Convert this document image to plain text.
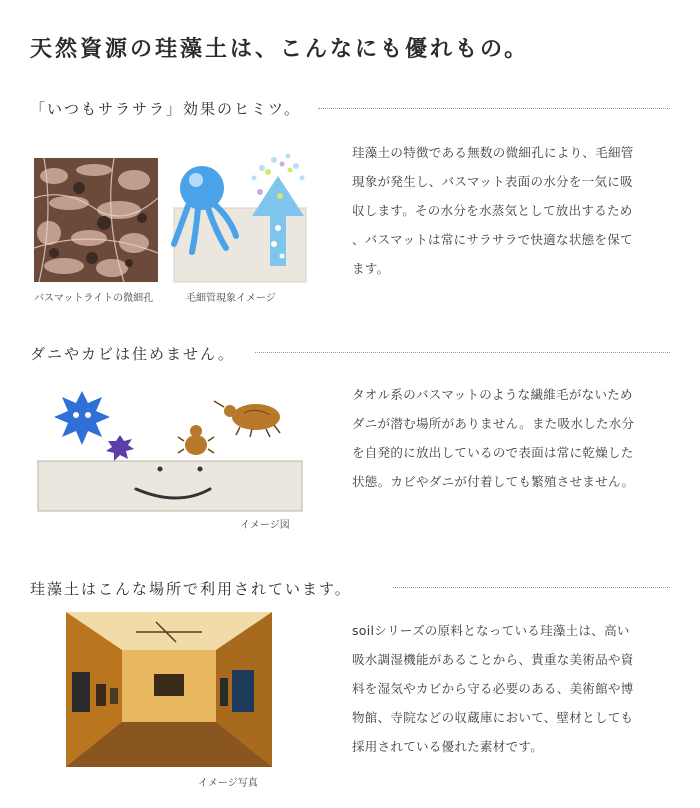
天然資源の珪藻土は、こんなにも優れもの。
「いつもサラサラ」効果のヒミツ。
バスマットライトの微細孔	毛細管現象イメージ
珪藻土の特徴である無数の微細孔により、毛細管
現象が発生し、バスマット表面の水分を一気に吸
収します。その水分を水蒸気として放出するため
、バスマットは常にサラサラで快適な状態を保て
ます。
ダニやカビは住めません。
イメージ図
タオル系のバスマットのような繊維毛がないため
ダニが潜む場所がありません。また吸水した水分
を自発的に放出しているので表面は常に乾燥した
状態。カビやダニが付着しても繁殖させません。
珪藻土はこんな場所で利用されています。
イメージ写真
soilシリーズの原料となっている珪藻土は、高い
吸水調湿機能があることから、貴重な美術品や資
料を湿気やカビから守る必要のある、美術館や博
物館、寺院などの収蔵庫において、壁材としても
採用されている優れた素材です。
